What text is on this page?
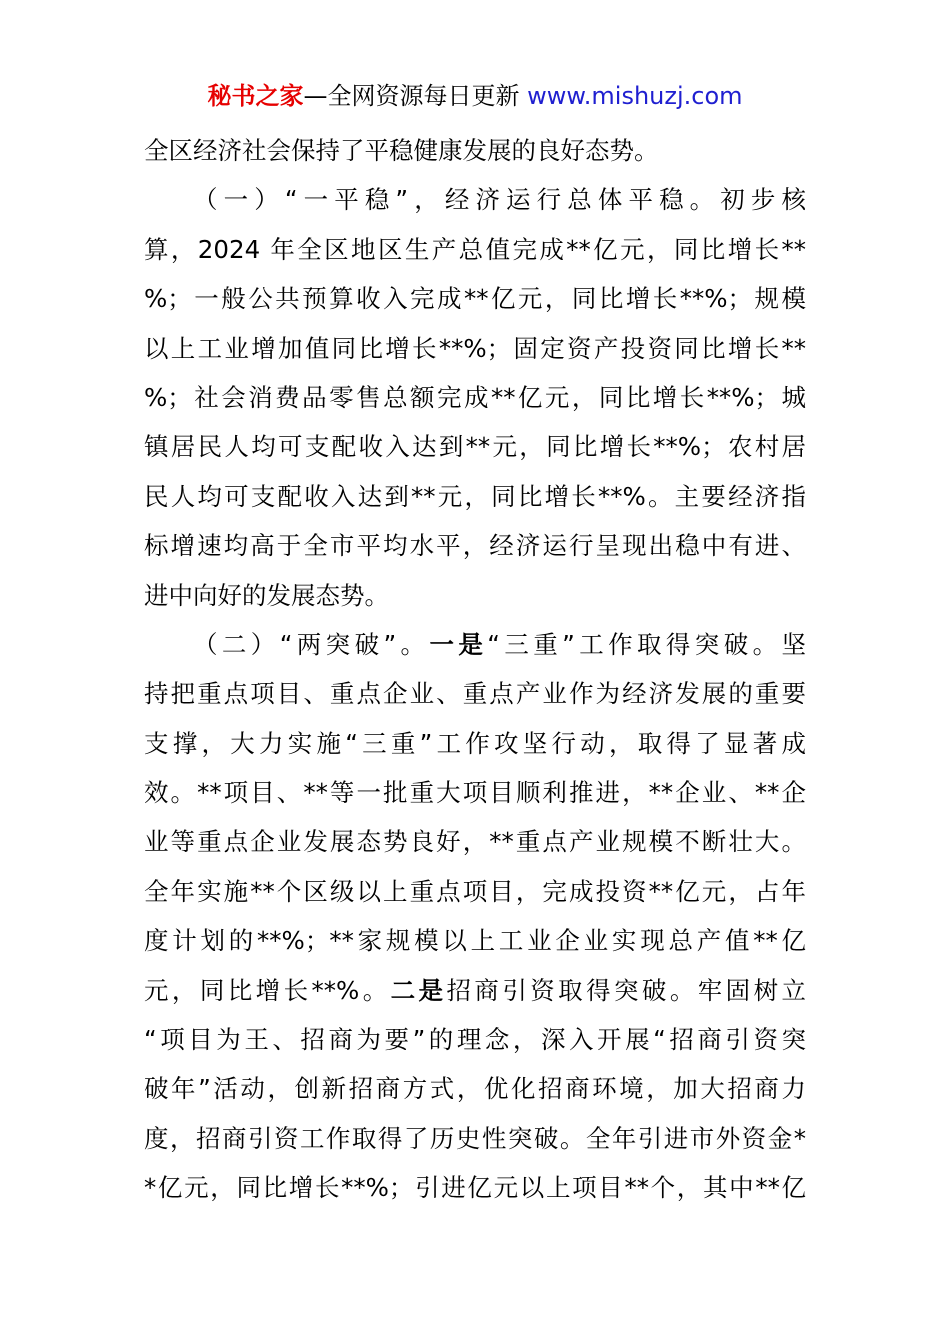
秘书之家—全网资源每日更新 www.mishuzj.com
全区经济社会保持了平稳健康发展的良好态势。
（一）“一平稳”，经济运行总体平稳。初步核
算，2024 年全区地区生产总值完成**亿元，同比增长**
%；一般公共预算收入完成**亿元，同比增长**%；规模
以上工业增加值同比增长**%；固定资产投资同比增长**
%；社会消费品零售总额完成**亿元，同比增长**%；城
镇居民人均可支配收入达到**元，同比增长**%；农村居
民人均可支配收入达到**元，同比增长**%。主要经济指
标增速均高于全市平均水平，经济运行呈现出稳中有进、
进中向好的发展态势。
（二）“两突破”。一是“三重”工作取得突破。坚
持把重点项目、重点企业、重点产业作为经济发展的重要
支撑，大力实施“三重”工作攻坚行动，取得了显著成
效。**项目、**等一批重大项目顺利推进，**企业、**企
业等重点企业发展态势良好，**重点产业规模不断壮大。
全年实施**个区级以上重点项目，完成投资**亿元，占年
度计划的**%；**家规模以上工业企业实现总产值**亿
元，同比增长**%。二是招商引资取得突破。牢固树立
“项目为王、招商为要”的理念，深入开展“招商引资突
破年”活动，创新招商方式，优化招商环境，加大招商力
度，招商引资工作取得了历史性突破。全年引进市外资金*
*亿元，同比增长**%；引进亿元以上项目**个，其中**亿
